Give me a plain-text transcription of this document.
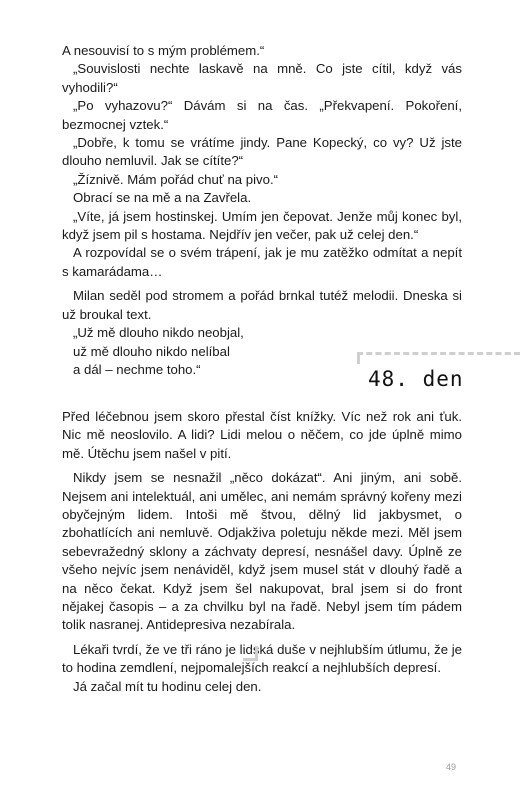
A nesouvisí to s mým problémem.“

„Souvislosti nechte laskavě na mně. Co jste cítil, když vás vyhodili?“

„Po vyhazovu?“ Dávám si na čas. „Překvapení. Pokoření, bezmocnej vztek.“

„Dobře, k tomu se vrátíme jindy. Pane Kopecký, co vy? Už jste dlouho nemluvil. Jak se cítíte?“

„Žíznivě. Mám pořád chuť na pivo.“

Obrací se na mě a na Zavřela.

„Víte, já jsem hostinskej. Umím jen čepovat. Jenže můj konec byl, když jsem pil s hostama. Nejdřív jen večer, pak už celej den.“

A rozpovídal se o svém trápení, jak je mu zatěžko odmítat a nepít s kamarádama…

Milan seděl pod stromem a pořád brnkal tutéž melodii. Dneska si už broukal text.

„Už mě dlouho nikdo neobjal,

už mě dlouho nikdo nelíbal

a dál – nechme toho.“	48. den

Před léčebnou jsem skoro přestal číst knížky. Víc než rok ani ťuk. Nic mě neoslovilo. A lidi? Lidi melou o něčem, co jde úplně mimo mě. Útěchu jsem našel v pití.

Nikdy jsem se nesnažil „něco dokázat“. Ani jiným, ani sobě. Nejsem ani intelektuál, ani umělec, ani nemám správný kořeny mezi obyčejným lidem. Intoši mě štvou, dělný lid jakbysmet, o zbohatlících ani nemluvě. Odjakživa poletuju někde mezi. Měl jsem sebevražedný sklony a záchvaty depresí, nesnášel davy. Úplně ze všeho nejvíc jsem nenáviděl, když jsem musel stát v dlouhý řadě a na něco čekat. Když jsem šel nakupovat, bral jsem si do front nějakej časopis – a za chvilku byl na řadě. Nebyl jsem tím pádem tolik nasranej. Antidepresiva nezabírala.

Lékaři tvrdí, že ve tři ráno je lidská duše v nejhlubším útlumu, že je to hodina zemdlení, nejpomalejších reakcí a nejhlubších depresí.

Já začal mít tu hodinu celej den.

49
